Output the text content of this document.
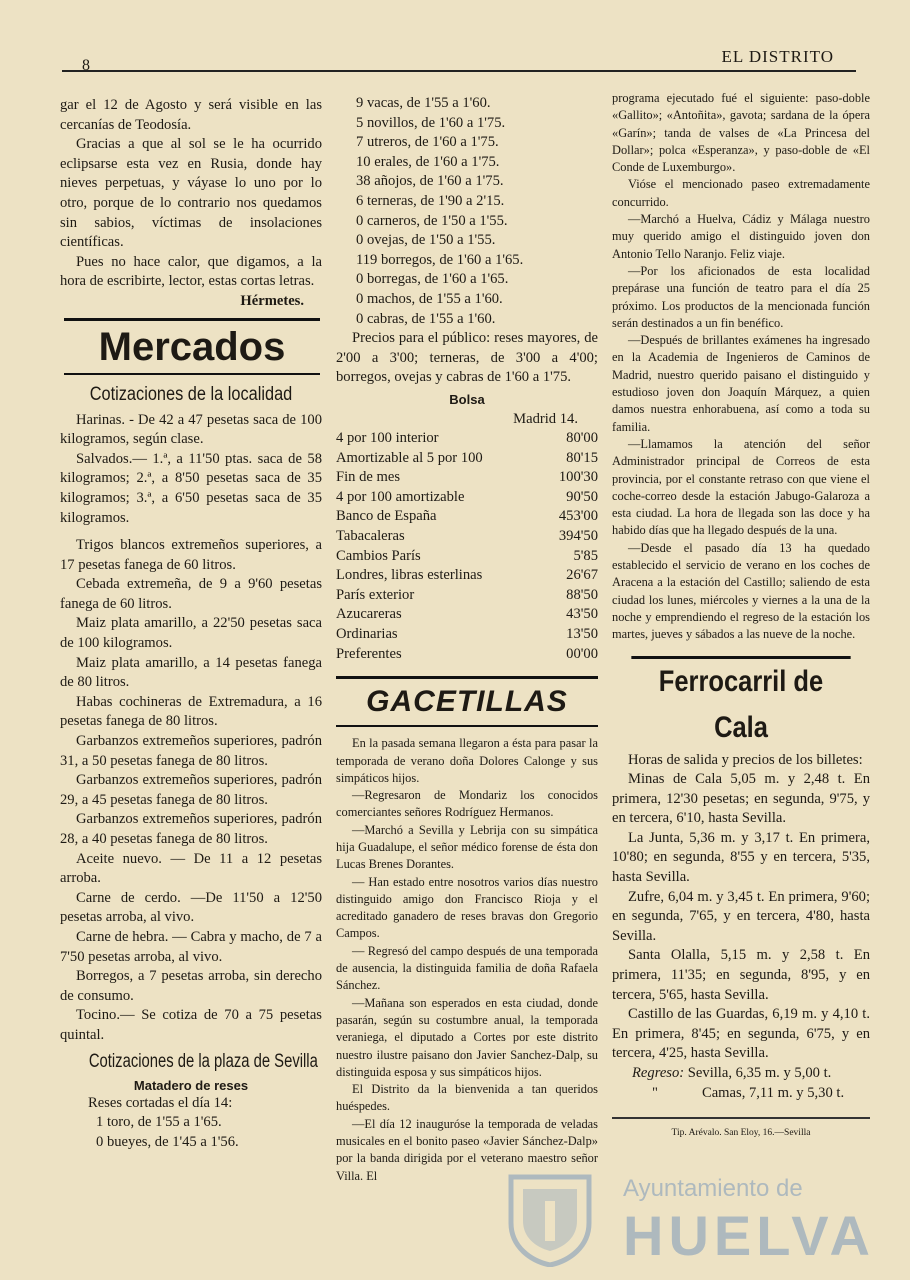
8	EL DISTRITO

gar el 12 de Agosto y será visible en las cercanías de Teodosía.

Gracias a que al sol se le ha ocurrido eclipsarse esta vez en Rusia, donde hay nieves perpetuas, y váyase lo uno por lo otro, porque de lo contrario nos quedamos sin sabios, víctimas de insolaciones científicas.

Pues no hace calor, que digamos, a la hora de escribirte, lector, estas cortas letras.

Hérmetes.

Mercados
Cotizaciones de la localidad

Harinas. - De 42 a 47 pesetas saca de 100 kilogramos, según clase.

Salvados.— 1.ª, a 11'50 ptas. saca de 58 kilogramos; 2.ª, a 8'50 pesetas saca de 35 kilogramos; 3.ª, a 6'50 pesetas saca de 35 kilogramos.

Trigos blancos extremeños superiores, a 17 pesetas fanega de 60 litros.

Cebada extremeña, de 9 a 9'60 pesetas fanega de 60 litros.

Maiz plata amarillo, a 22'50 pesetas saca de 100 kilogramos.

Maiz plata amarillo, a 14 pesetas fanega de 80 litros.

Habas cochineras de Extremadura, a 16 pesetas fanega de 80 litros.

Garbanzos extremeños superiores, padrón 31, a 50 pesetas fanega de 80 litros.

Garbanzos extremeños superiores, padrón 29, a 45 pesetas fanega de 80 litros.

Garbanzos extremeños superiores, padrón 28, a 40 pesetas fanega de 80 litros.

Aceite nuevo. — De 11 a 12 pesetas arroba.

Carne de cerdo. —De 11'50 a 12'50 pesetas arroba, al vivo.

Carne de hebra. — Cabra y macho, de 7 a 7'50 pesetas arroba, al vivo.

Borregos, a 7 pesetas arroba, sin derecho de consumo.

Tocino.— Se cotiza de 70 a 75 pesetas quintal.

Cotizaciones de la plaza de Sevilla
Matadero de reses

Reses cortadas el día 14:

1 toro, de 1'55 a 1'65.

0 bueyes, de 1'45 a 1'56.

9 vacas, de 1'55 a 1'60.

5 novillos, de 1'60 a 1'75.

7 utreros, de 1'60 a 1'75.

10 erales, de 1'60 a 1'75.

38 añojos, de 1'60 a 1'75.

6 terneras, de 1'90 a 2'15.

0 carneros, de 1'50 a 1'55.

0 ovejas, de 1'50 a 1'55.

119 borregos, de 1'60 a 1'65.

0 borregas, de 1'60 a 1'65.

0 machos, de 1'55 a 1'60.

0 cabras, de 1'55 a 1'60.

Precios para el público: reses mayores, de 2'00 a 3'00; terneras, de 3'00 a 4'00; borregos, ovejas y cabras de 1'60 a 1'75.

Bolsa

Madrid 14.

4 por 100 interior	80'00
Amortizable al 5 por 100	80'15
Fin de mes	100'30
4 por 100 amortizable	90'50
Banco de España	453'00
Tabacaleras	394'50
Cambios París	5'85
Londres, libras esterlinas	26'67
París exterior	88'50
Azucareras	43'50
Ordinarias	13'50
Preferentes	00'00
GACETILLAS

En la pasada semana llegaron a ésta para pasar la temporada de verano doña Dolores Calonge y sus simpáticos hijos.

—Regresaron de Mondariz los conocidos comerciantes señores Rodríguez Hermanos.

—Marchó a Sevilla y Lebrija con su simpática hija Guadalupe, el señor médico forense de ésta don Lucas Brenes Dorantes.

— Han estado entre nosotros varios días nuestro distinguido amigo don Francisco Rioja y el acreditado ganadero de reses bravas don Gregorio Campos.

— Regresó del campo después de una temporada de ausencia, la distinguida familia de doña Rafaela Sánchez.

—Mañana son esperados en esta ciudad, donde pasarán, según su costumbre anual, la temporada veraniega, el diputado a Cortes por este distrito nuestro ilustre paisano don Javier Sanchez-Dalp, su distinguida esposa y sus simpáticos hijos.

El Distrito da la bienvenida a tan queridos huéspedes.

—El día 12 inauguróse la temporada de veladas musicales en el bonito paseo «Javier Sánchez-Dalp» por la banda dirigida por el veterano maestro señor Villa. El

programa ejecutado fué el siguiente: paso-doble «Gallito»; «Antoñita», gavota; sardana de la ópera «Garín»; tanda de valses de «La Princesa del Dollar»; polca «Esperanza», y paso-doble de «El Conde de Luxemburgo».

Vióse el mencionado paseo extremadamente concurrido.

—Marchó a Huelva, Cádiz y Málaga nuestro muy querido amigo el distinguido joven don Antonio Tello Naranjo. Feliz viaje.

—Por los aficionados de esta localidad prepárase una función de teatro para el día 25 próximo. Los productos de la mencionada función serán destinados a un fin benéfico.

—Después de brillantes exámenes ha ingresado en la Academia de Ingenieros de Caminos de Madrid, nuestro querido paisano el distinguido y estudioso joven don Joaquín Márquez, a quien damos nuestra enhorabuena, así como a toda su familia.

—Llamamos la atención del señor Administrador principal de Correos de esta provincia, por el constante retraso con que viene el coche-correo desde la estación Jabugo-Galaroza a esta ciudad. La hora de llegada son las doce y ha habido días que ha llegado después de la una.

—Desde el pasado día 13 ha quedado establecido el servicio de verano en los coches de Aracena a la estación del Castillo; saliendo de esta ciudad los lunes, miércoles y viernes a la una de la noche y emprendiendo el regreso de la estación los martes, jueves y sábados a las nueve de la noche.

Ferrocarril de Cala

Horas de salida y precios de los billetes:

Minas de Cala 5,05 m. y 2,48 t. En primera, 12'30 pesetas; en segunda, 9'75, y en tercera, 6'10, hasta Sevilla.

La Junta, 5,36 m. y 3,17 t. En primera, 10'80; en segunda, 8'55 y en tercera, 5'35, hasta Sevilla.

Zufre, 6,04 m. y 3,45 t. En primera, 9'60; en segunda, 7'65, y en tercera, 4'80, hasta Sevilla.

Santa Olalla, 5,15 m. y 2,58 t. En primera, 11'35; en segunda, 8'95, y en tercera, 5'65, hasta Sevilla.

Castillo de las Guardas, 6,19 m. y 4,10 t. En primera, 8'45; en segunda, 6'75, y en tercera, 4'25, hasta Sevilla.

Regreso: Sevilla, 6,35 m. y 5,00 t.

"	Camas, 7,11 m. y 5,30 t.

Tip. Arévalo. San Eloy, 16.—Sevilla
Ayuntamiento de
HUELVA
